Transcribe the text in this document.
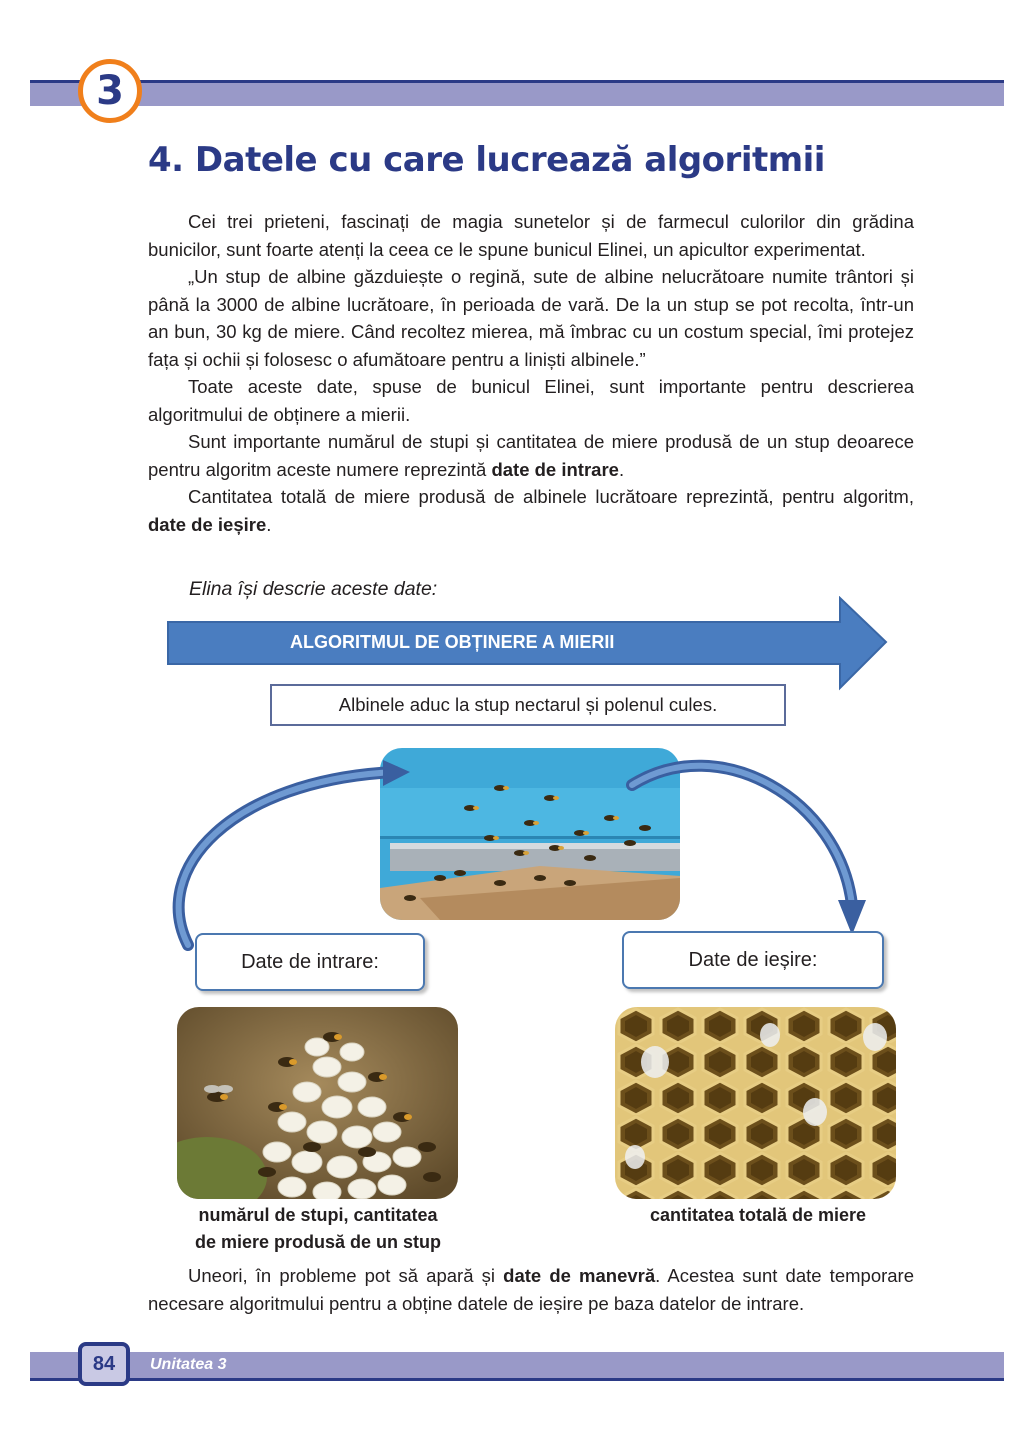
3
4. Datele cu care lucrează algoritmii

Cei trei prieteni, fascinați de magia sunetelor și de farmecul culorilor din grădina bunicilor, sunt foarte atenți la ceea ce le spune bunicul Elinei, un apicultor experimentat.

„Un stup de albine găzduiește o regină, sute de albine nelucrătoare numite trântori și până la 3000 de albine lucrătoare, în perioada de vară. De la un stup se pot recolta, într-un an bun, 30 kg de miere. Când recoltez mierea, mă îmbrac cu un costum special, îmi protejez fața și ochii și folosesc o afumătoare pentru a liniști albinele.”

Toate aceste date, spuse de bunicul Elinei, sunt importante pentru descrierea algoritmului de obținere a mierii.

Sunt importante numărul de stupi și cantitatea de miere produsă de un stup deoarece pentru algoritm aceste numere reprezintă date de intrare.

Cantitatea totală de miere produsă de albinele lucrătoare reprezintă, pentru algoritm, date de ieșire.

Elina își descrie aceste date:

ALGORITMUL DE OBȚINERE A MIERII
Albinele aduc la stup nectarul și polenul cules.
Date de intrare:	Date de ieșire:
numărul de stupi, cantitatea
de miere produsă de un stup
cantitatea totală de miere

Uneori, în probleme pot să apară și date de manevră. Acestea sunt date temporare necesare algoritmului pentru a obține datele de ieșire pe baza datelor de intrare.

84	Unitatea 3
